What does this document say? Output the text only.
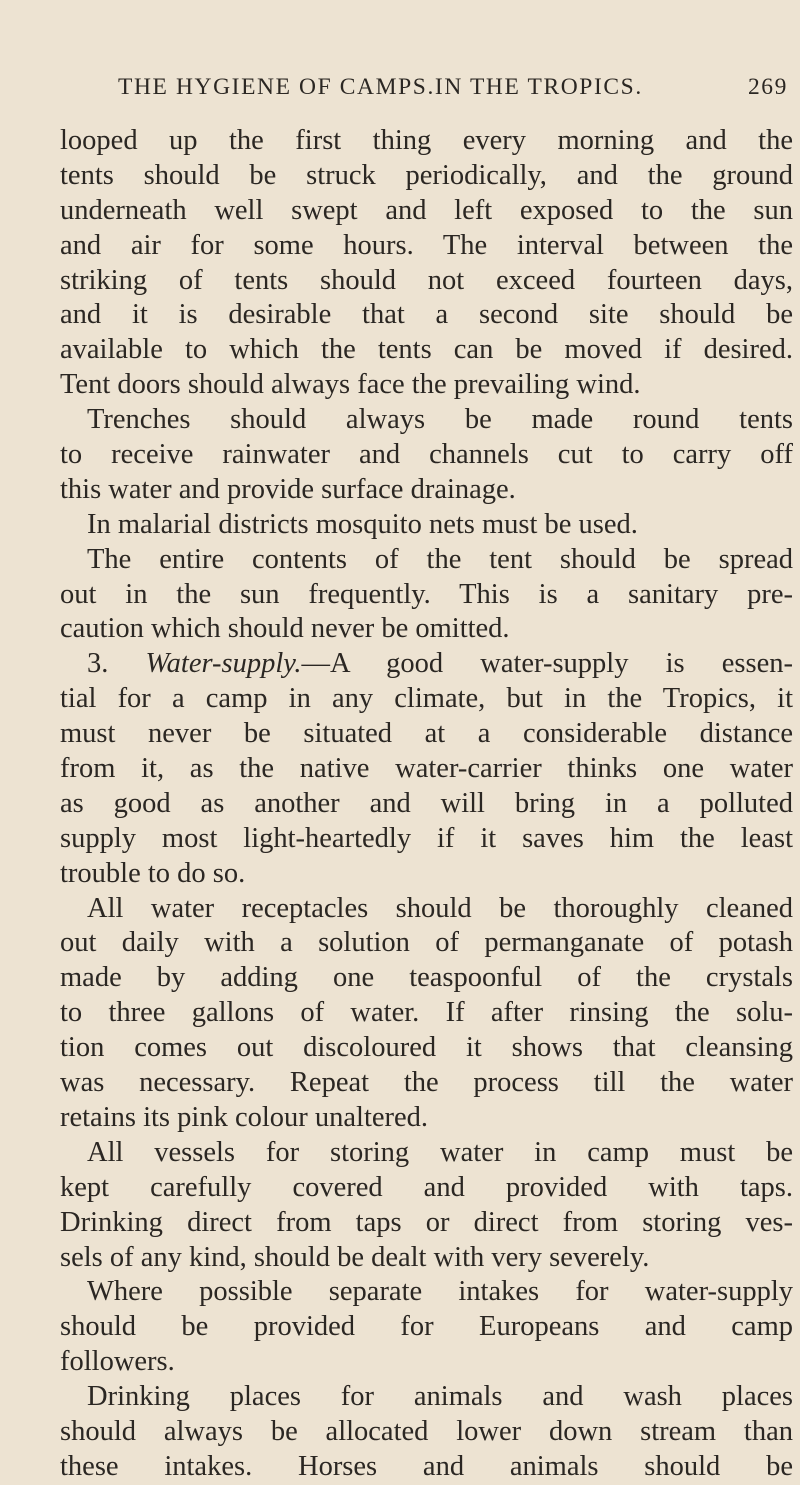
THE HYGIENE OF CAMPS.IN THE TROPICS.	269
looped up the first thing every morning and the
tents should be struck periodically, and the ground
underneath well swept and left exposed to the sun
and air for some hours. The interval between the
striking of tents should not exceed fourteen days,
and it is desirable that a second site should be
available to which the tents can be moved if desired.
Tent doors should always face the prevailing wind.
Trenches should always be made round tents
to receive rainwater and channels cut to carry off
this water and provide surface drainage.
In malarial districts mosquito nets must be used.
The entire contents of the tent should be spread
out in the sun frequently. This is a sanitary pre-
caution which should never be omitted.
3. Water-supply.—A good water-supply is essen-
tial for a camp in any climate, but in the Tropics, it
must never be situated at a considerable distance
from it, as the native water-carrier thinks one water
as good as another and will bring in a polluted
supply most light-heartedly if it saves him the least
trouble to do so.
All water receptacles should be thoroughly cleaned
out daily with a solution of permanganate of potash
made by adding one teaspoonful of the crystals
to three gallons of water. If after rinsing the solu-
tion comes out discoloured it shows that cleansing
was necessary. Repeat the process till the water
retains its pink colour unaltered.
All vessels for storing water in camp must be
kept carefully covered and provided with taps.
Drinking direct from taps or direct from storing ves-
sels of any kind, should be dealt with very severely.
Where possible separate intakes for water-supply
should be provided for Europeans and camp
followers.
Drinking places for animals and wash places
should always be allocated lower down stream than
these intakes. Horses and animals should be
